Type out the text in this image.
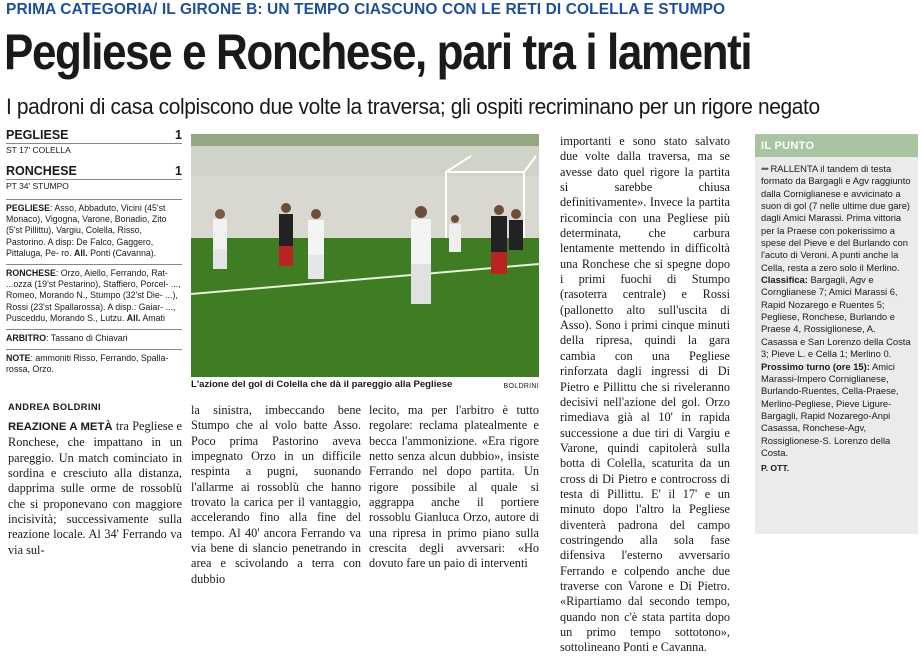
PRIMA CATEGORIA/ IL GIRONE B: UN TEMPO CIASCUNO CON LE RETI DI COLELLA E STUMPO
Pegliese e Ronchese, pari tra i lamenti
I padroni di casa colpiscono due volte la traversa; gli ospiti recriminano per un rigore negato
PEGLIESE	1
ST 17' COLELLA
RONCHESE	1
PT 34' STUMPO
PEGLIESE: Asso, Abbaduto, Vicini (45'st Monaco), Vigogna, Varone, Bonadio, Zito (5'st Pillittu), Vargiu, Colella, Risso, Pastorino. A disp: De Falco, Gaggero, Pittaluga, Pe- ro. All. Ponti (Cavanna).
RONCHESE: Orzo, Aiello, Ferrando, Rat- ...ozza (19'st Pestarino), Staffiero, Porcel- ..., Romeo, Morando N., Stumpo (32'st Die- ...), Rossi (23'st Spallarossa). A disp.: Gaiar- ..., Pusceddu, Morando S., Lutzu. All. Amati
ARBITRO: Tassano di Chiavari
NOTE: ammoniti Risso, Ferrando, Spalla- rossa, Orzo.
L'azione del gol di Colella che dà il pareggio alla Pegliese	BOLDRINI
ANDREA BOLDRINI
REAZIONE A METÀ tra Pegliese e Ronchese, che impattano in un pareggio. Un match cominciato in sordina e cresciuto alla distanza, dapprima sulle orme de rossoblù che si proponevano con maggiore incisività; successivamente sulla reazione locale. Al 34' Ferrando va via sul-
la sinistra, imbeccando bene Stumpo che al volo batte Asso. Poco prima Pastorino aveva impegnato Orzo in un difficile respinta a pugni, suonando l'allarme ai rossoblù che hanno trovato la carica per il vantaggio, accelerando fino alla fine del tempo. Al 40' ancora Ferrando va via bene di slancio penetrando in area e scivolando a terra con dubbio
lecito, ma per l'arbitro è tutto regolare: reclama platealmente e becca l'ammonizione. «Era rigore netto senza alcun dubbio», insiste Ferrando nel dopo partita. Un rigore possibile al quale si aggrappa anche il portiere rossoblu Gianluca Orzo, autore di una ripresa in primo piano sulla crescita degli avversari: «Ho dovuto fare un paio di interventi
importanti e sono stato salvato due volte dalla traversa, ma se avesse dato quel rigore la partita si sarebbe chiusa definitivamente». Invece la partita ricomincia con una Pegliese più determinata, che carbura lentamente mettendo in difficoltà una Ronchese che si spegne dopo i primi fuochi di Stumpo (rasoterra centrale) e Rossi (pallonetto alto sull'uscita di Asso). Sono i primi cinque minuti della ripresa, quindi la gara cambia con una Pegliese rinforzata dagli ingressi di Di Pietro e Pillittu che si riveleranno decisivi nell'azione del gol. Orzo rimediava già al 10' in rapida successione a due tiri di Vargiu e Varone, quindi capitolerà sulla botta di Colella, scaturita da un cross di Di Pietro e controcross di testa di Pillittu. E' il 17' e un minuto dopo l'altro la Pegliese diventerà padrona del campo costringendo alla sola fase difensiva l'esterno avversario Ferrando e colpendo anche due traverse con Varone e Di Pietro. «Ripartiamo dal secondo tempo, quando non c'è stata partita dopo un primo tempo sottotono», sottolineano Ponti e Cavanna.
IL PUNTO
••• RALLENTA il tandem di testa formato da Bargagli e Agv raggiunto dalla Corniglianese e avvicinato a suon di gol (7 nelle ultime due gare) dagli Amici Marassi. Prima vittoria per la Praese con pokerissimo a spese del Pieve e del Burlando con l'acuto di Veroni. A punti anche la Cella, resta a zero solo il Merlino.
Classifica: Bargagli, Agv e Cornglianese 7; Amici Marassi 6, Rapid Nozarego e Ruentes 5; Pegliese, Ronchese, Burlando e Praese 4, Rossiglionese, A. Casassa e San Lorenzo della Costa 3; Pieve L. e Cella 1; Merlino 0.
Prossimo turno (ore 15): Amici Marassi-Impero Corniglianese, Burlando-Ruentes, Cella-Praese, Merlino-Pegliese, Pieve Ligure-Bargagli, Rapid Nozarego-Anpi Casassa, Ronchese-Agv, Rossiglionese-S. Lorenzo della Costa.
P. OTT.
